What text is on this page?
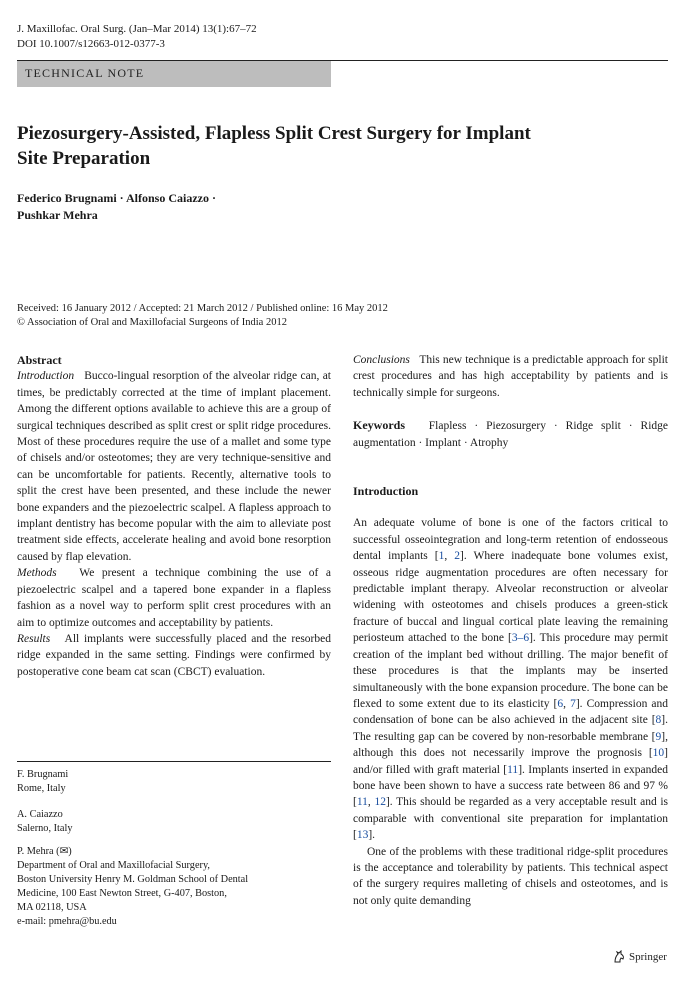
J. Maxillofac. Oral Surg. (Jan–Mar 2014) 13(1):67–72
DOI 10.1007/s12663-012-0377-3
TECHNICAL NOTE
Piezosurgery-Assisted, Flapless Split Crest Surgery for Implant
Site Preparation
Federico Brugnami · Alfonso Caiazzo ·
Pushkar Mehra
Received: 16 January 2012 / Accepted: 21 March 2012 / Published online: 16 May 2012
© Association of Oral and Maxillofacial Surgeons of India 2012
Abstract

Introduction Bucco-lingual resorption of the alveolar ridge can, at times, be predictably corrected at the time of implant placement. Among the different options available to achieve this are a group of surgical techniques described as split crest or split ridge procedures. Most of these procedures require the use of a mallet and some type of chisels and/or osteotomes; they are very technique-sensitive and can be uncomfortable for patients. Recently, alternative tools to split the crest have been presented, and these include the newer bone expanders and the piezoelectric scalpel. A flapless approach to implant dentistry has become popular with the aim to alleviate post treatment side effects, accelerate healing and avoid bone resorption caused by flap elevation.

Methods We present a technique combining the use of a piezoelectric scalpel and a tapered bone expander in a flapless fashion as a novel way to perform split crest procedures with an aim to optimize outcomes and acceptability by patients.

Results All implants were successfully placed and the resorbed ridge expanded in the same setting. Findings were confirmed by postoperative cone beam cat scan (CBCT) evaluation.

F. Brugnami
Rome, Italy
A. Caiazzo
Salerno, Italy
P. Mehra (✉)
Department of Oral and Maxillofacial Surgery,
Boston University Henry M. Goldman School of Dental
Medicine, 100 East Newton Street, G-407, Boston,
MA 02118, USA
e-mail: pmehra@bu.edu

Conclusions This new technique is a predictable approach for split crest procedures and has high acceptability by patients and is technically simple for surgeons.

Keywords Flapless · Piezosurgery · Ridge split · Ridge augmentation · Implant · Atrophy

Introduction

An adequate volume of bone is one of the factors critical to successful osseointegration and long-term retention of endosseous dental implants [1, 2]. Where inadequate bone volumes exist, osseous ridge augmentation procedures are often necessary for predictable implant therapy. Alveolar reconstruction or alveolar widening with osteotomes and chisels produces a green-stick fracture of buccal and lingual cortical plate leaving the remaining periosteum attached to the bone [3–6]. This procedure may permit creation of the implant bed without drilling. The major benefit of these procedures is that the implants may be inserted simultaneously with the bone expansion procedure. The bone can be flexed to some extent due to its elasticity [6, 7]. Compression and condensation of bone can be also achieved in the adjacent site [8]. The resulting gap can be covered by non-resorbable membrane [9], although this does not necessarily improve the prognosis [10] and/or filled with graft material [11]. Implants inserted in expanded bone have been shown to have a success rate between 86 and 97 % [11, 12]. This should be regarded as a very acceptable result and is comparable with conventional site preparation for implantation [13].

One of the problems with these traditional ridge-split procedures is the acceptance and tolerability by patients. This technical aspect of the surgery requires malleting of chisels and osteotomes, and is not only quite demanding

Springer
